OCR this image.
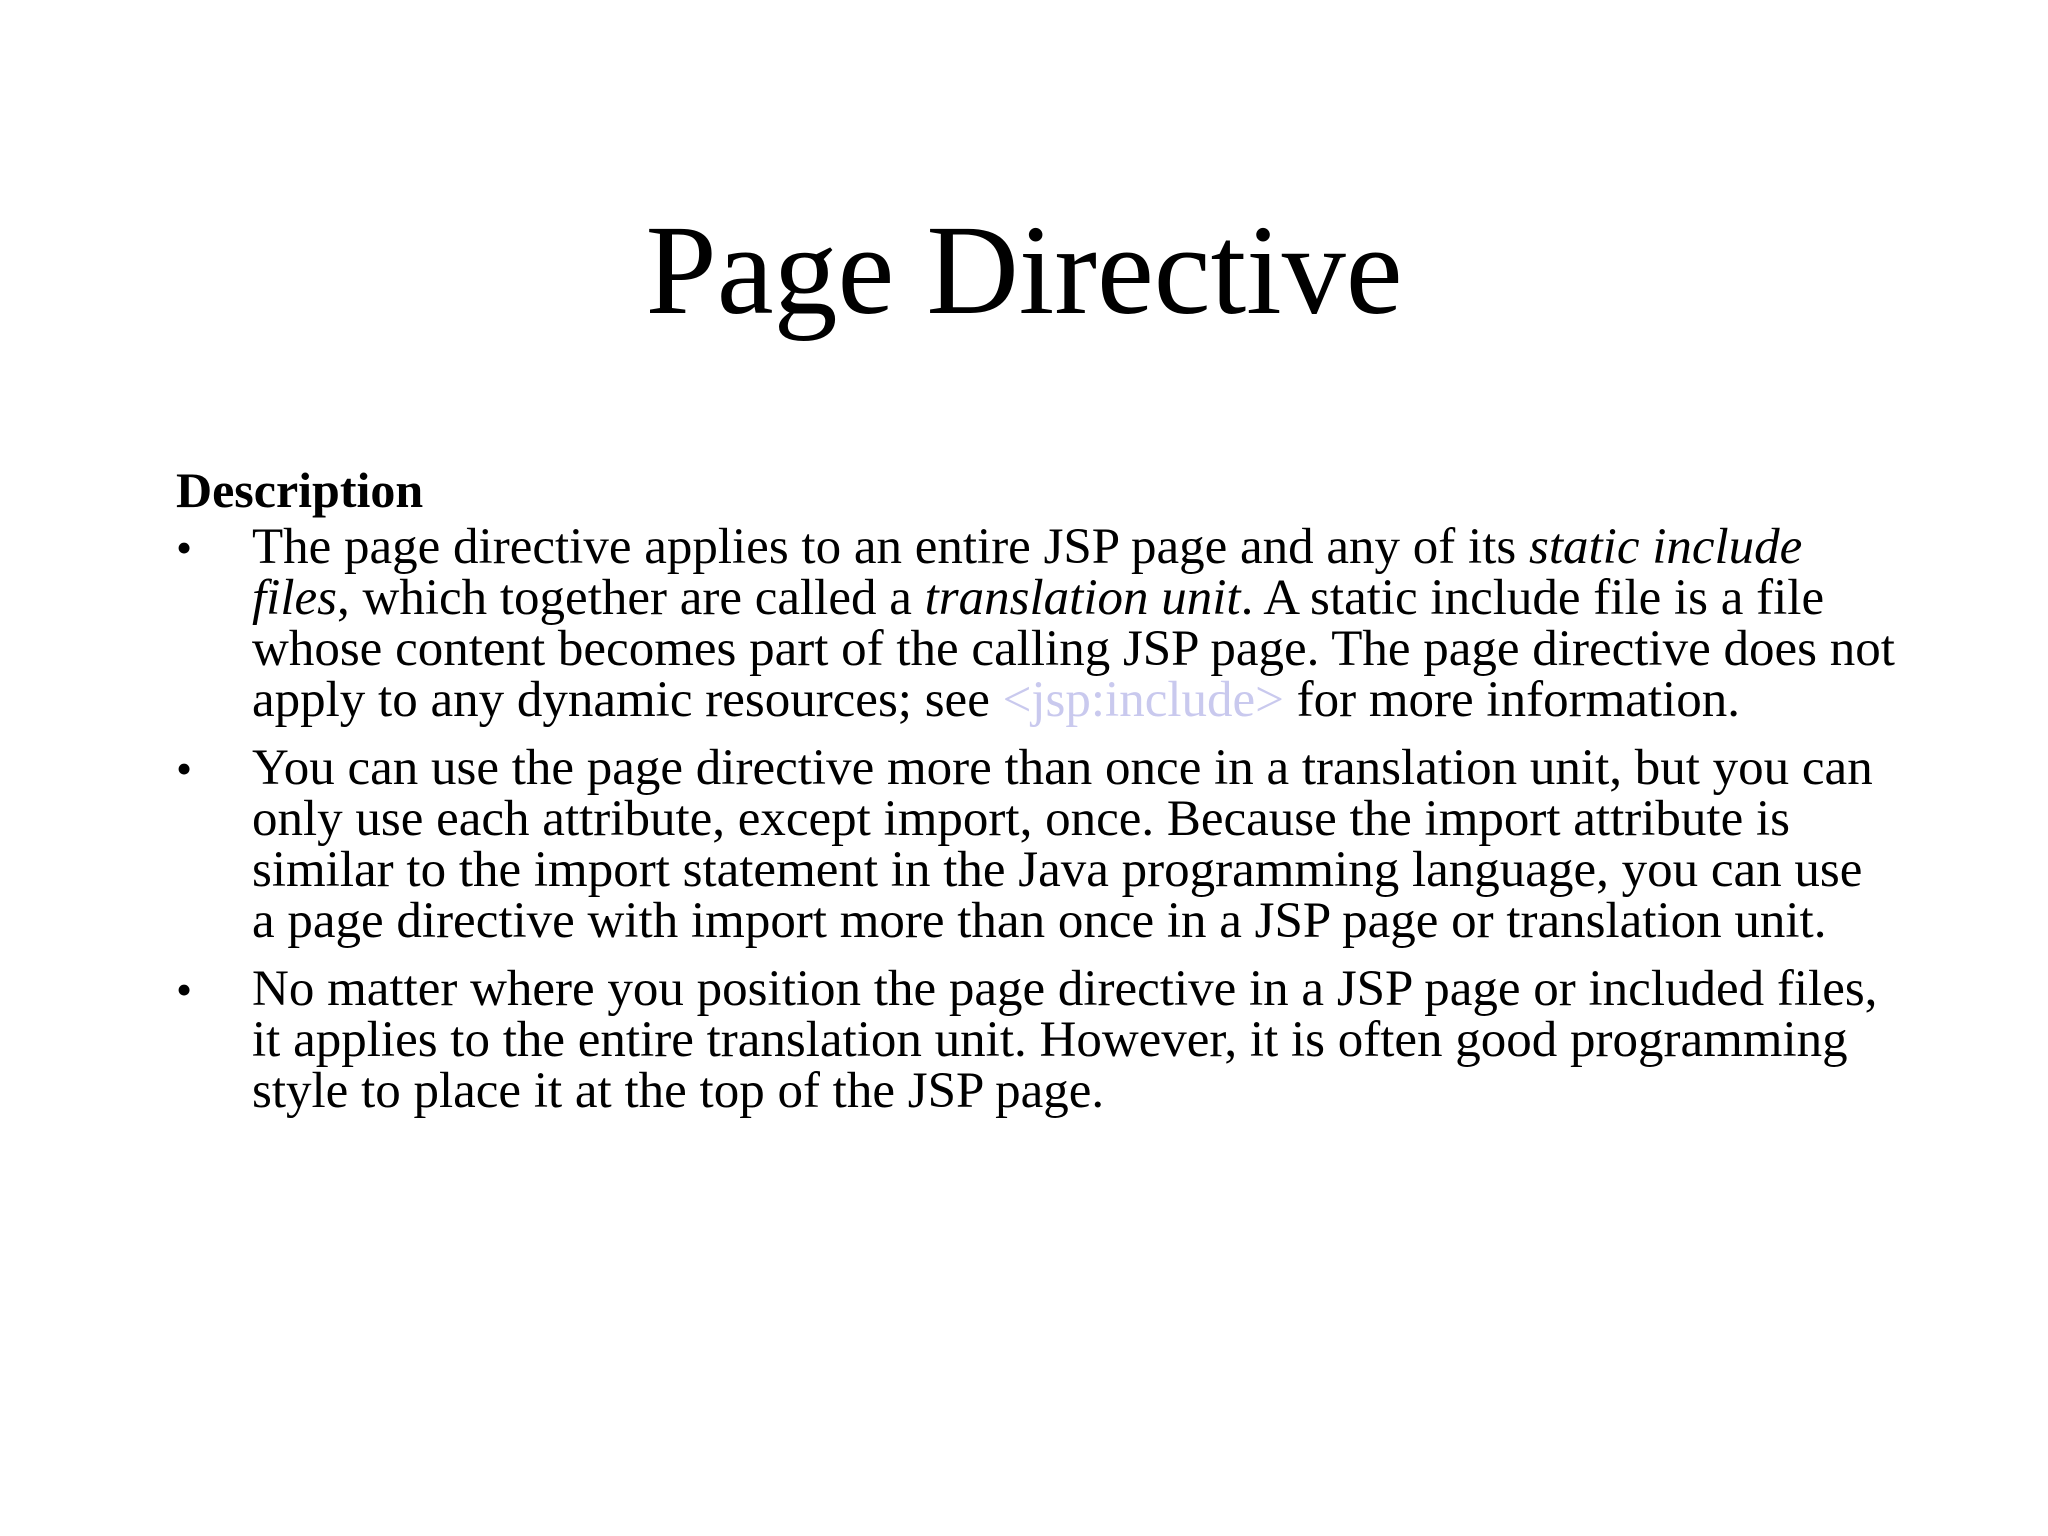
Page Directive

Description

•	The page directive applies to an entire JSP page and any of its static include files, which together are called a translation unit. A static include file is a file whose content becomes part of the calling JSP page. The page directive does not apply to any dynamic resources; see <jsp:include> for more information.
•	You can use the page directive more than once in a translation unit, but you can only use each attribute, except import, once. Because the import attribute is similar to the import statement in the Java programming language, you can use a page directive with import more than once in a JSP page or translation unit.
•	No matter where you position the page directive in a JSP page or included files, it applies to the entire translation unit. However, it is often good programming style to place it at the top of the JSP page.
